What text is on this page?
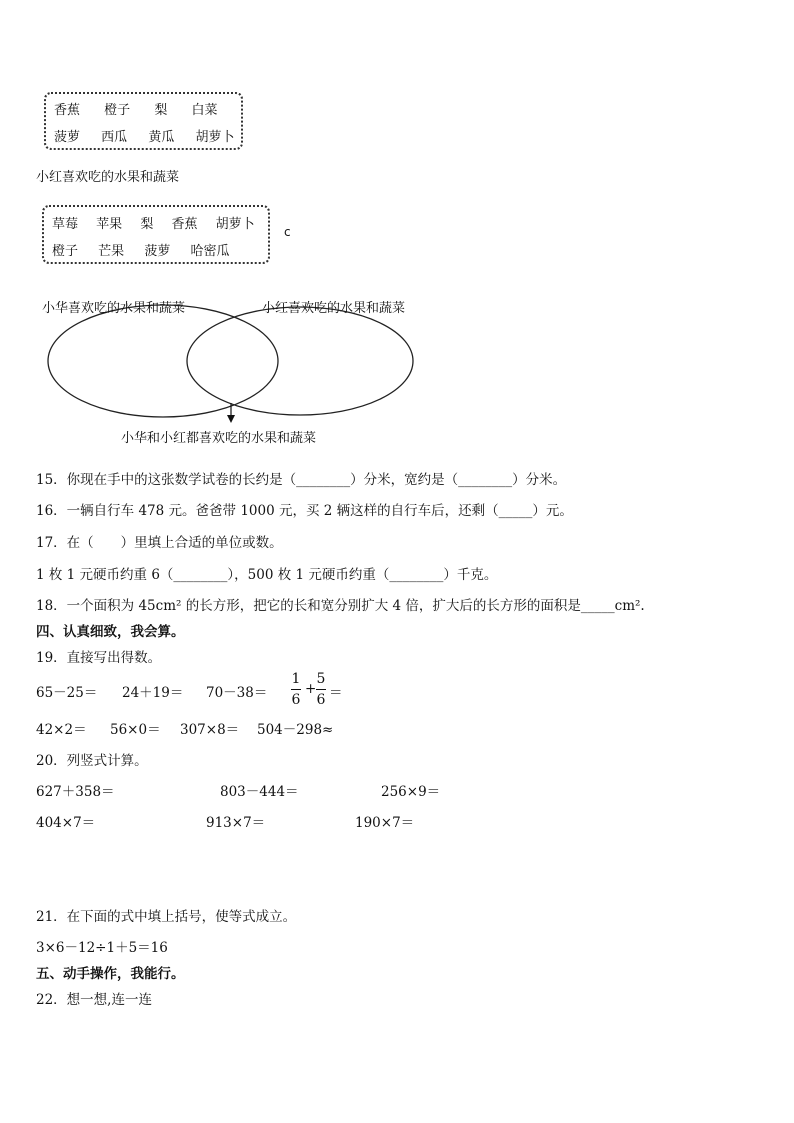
香蕉 橙子 梨 白菜
菠萝 西瓜 黄瓜 胡萝卜
小红喜欢吃的水果和蔬菜
草莓 苹果 梨 香蕉 胡萝卜
橙子 芒果 菠萝 哈密瓜
c
小华喜欢吃的水果和蔬菜	小红喜欢吃的水果和蔬菜
小华和小红都喜欢吃的水果和蔬菜
15．你现在手中的这张数学试卷的长约是（________）分米，宽约是（________）分米。
16．一辆自行车 478 元。爸爸带 1000 元，买 2 辆这样的自行车后，还剩（_____）元。
17．在（　　）里填上合适的单位或数。
1 枚 1 元硬币约重 6（________），500 枚 1 元硬币约重（________）千克。
18．一个面积为 45cm² 的长方形，把它的长和宽分别扩大 4 倍，扩大后的长方形的面积是_____cm².
四、认真细致，我会算。
19．直接写出得数。
65－25＝ 24＋19＝ 70－38＝
1
6
+
5
6 ＝
42×2＝ 56×0＝ 307×8＝ 504－298≈
20．列竖式计算。
627＋358＝	803－444＝	256×9＝
404×7＝	913×7＝	190×7＝
21．在下面的式中填上括号，使等式成立。
3×6－12÷1＋5＝16
五、动手操作，我能行。
22．想一想,连一连
